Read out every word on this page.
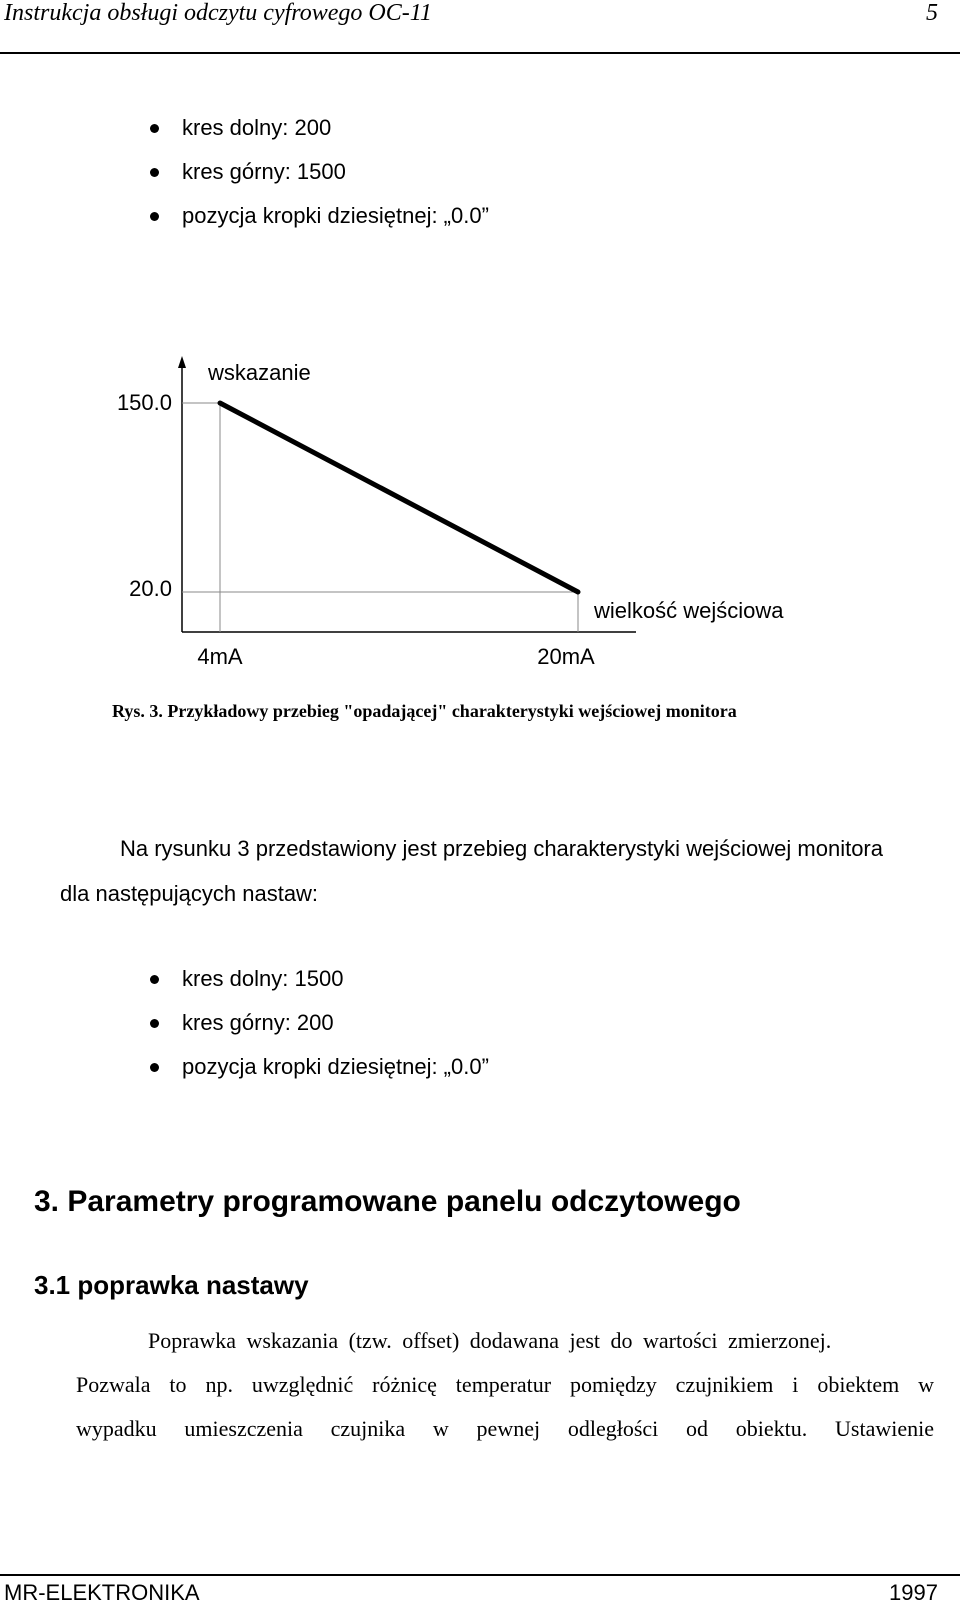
Instrukcja obsługi odczytu cyfrowego OC-11	5
kres dolny: 200
kres górny: 1500
pozycja kropki dziesiętnej: „0.0”
wskazanie
150.0
20.0
wielkość wejściowa
4mA	20mA
Rys. 3. Przykładowy przebieg "opadającej" charakterystyki wejściowej monitora
Na rysunku 3 przedstawiony jest przebieg charakterystyki wejściowej monitora
dla następujących nastaw:
kres dolny: 1500
kres górny: 200
pozycja kropki dziesiętnej: „0.0”
3. Parametry programowane panelu odczytowego
3.1 poprawka nastawy
Poprawka wskazania (tzw. offset) dodawana jest do wartości zmierzonej.
Pozwala to np. uwzględnić różnicę temperatur pomiędzy czujnikiem i obiektem w
wypadku umieszczenia czujnika w pewnej odległości od obiektu. Ustawienie
MR-ELEKTRONIKA	1997
